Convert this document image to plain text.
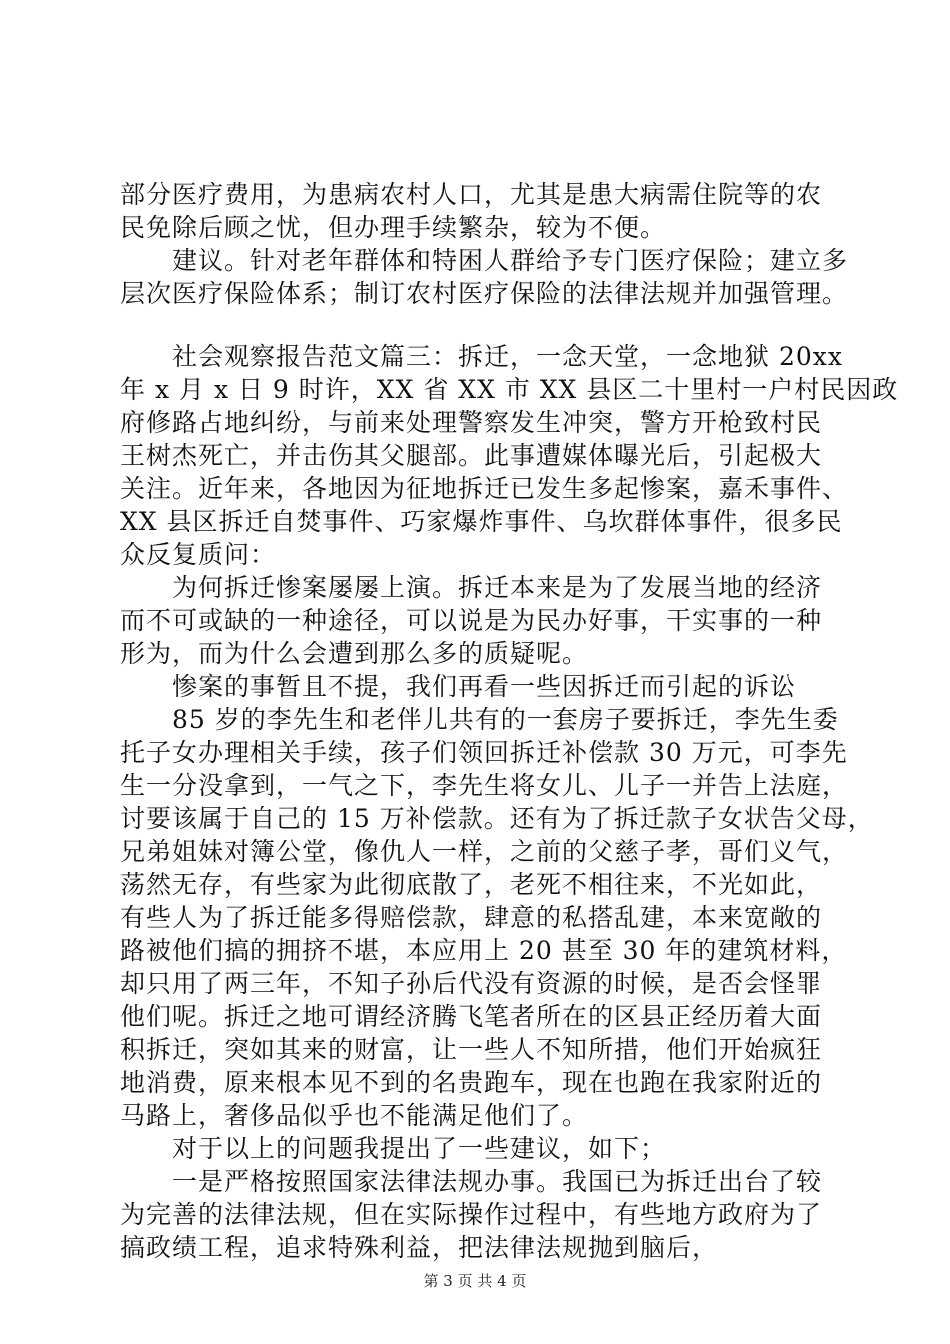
部分医疗费用，为患病农村人口，尤其是患大病需住院等的农
民免除后顾之忧，但办理手续繁杂，较为不便。
　　建议。针对老年群体和特困人群给予专门医疗保险；建立多
层次医疗保险体系；制订农村医疗保险的法律法规并加强管理。
　　社会观察报告范文篇三：拆迁，一念天堂，一念地狱 20xx
年 x 月 x 日 9 时许，XX 省 XX 市 XX 县区二十里村一户村民因政
府修路占地纠纷，与前来处理警察发生冲突，警方开枪致村民
王树杰死亡，并击伤其父腿部。此事遭媒体曝光后，引起极大
关注。近年来，各地因为征地拆迁已发生多起惨案，嘉禾事件、
XX 县区拆迁自焚事件、巧家爆炸事件、乌坎群体事件，很多民
众反复质问：
　　为何拆迁惨案屡屡上演。拆迁本来是为了发展当地的经济
而不可或缺的一种途径，可以说是为民办好事，干实事的一种
形为，而为什么会遭到那么多的质疑呢。
　　惨案的事暂且不提，我们再看一些因拆迁而引起的诉讼
　　85 岁的李先生和老伴儿共有的一套房子要拆迁，李先生委
托子女办理相关手续，孩子们领回拆迁补偿款 30 万元，可李先
生一分没拿到，一气之下，李先生将女儿、儿子一并告上法庭，
讨要该属于自己的 15 万补偿款。还有为了拆迁款子女状告父母，
兄弟姐妹对簿公堂，像仇人一样，之前的父慈子孝，哥们义气，
荡然无存，有些家为此彻底散了，老死不相往来，不光如此，
有些人为了拆迁能多得赔偿款，肆意的私搭乱建，本来宽敞的
路被他们搞的拥挤不堪，本应用上 20 甚至 30 年的建筑材料，
却只用了两三年，不知子孙后代没有资源的时候，是否会怪罪
他们呢。拆迁之地可谓经济腾飞笔者所在的区县正经历着大面
积拆迁，突如其来的财富，让一些人不知所措，他们开始疯狂
地消费，原来根本见不到的名贵跑车，现在也跑在我家附近的
马路上，奢侈品似乎也不能满足他们了。
　　对于以上的问题我提出了一些建议，如下；
　　一是严格按照国家法律法规办事。我国已为拆迁出台了较
为完善的法律法规，但在实际操作过程中，有些地方政府为了
搞政绩工程，追求特殊利益，把法律法规抛到脑后，
第 3 页 共 4 页
